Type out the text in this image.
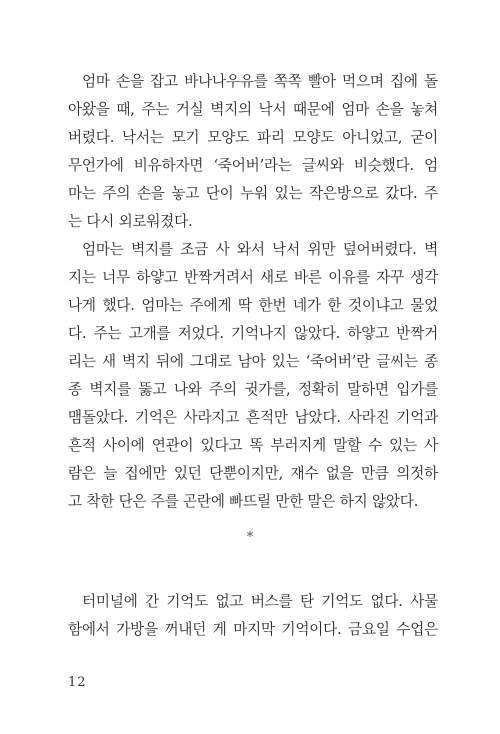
엄마 손을 잡고 바나나우유를 쪽쪽 빨아 먹으며 집에 돌
아왔을 때, 주는 거실 벽지의 낙서 때문에 엄마 손을 놓쳐
버렸다. 낙서는 모기 모양도 파리 모양도 아니었고, 굳이
무언가에 비유하자면 ‘죽어버’라는 글씨와 비슷했다. 엄
마는 주의 손을 놓고 단이 누워 있는 작은방으로 갔다. 주
는 다시 외로워졌다.
엄마는 벽지를 조금 사 와서 낙서 위만 덮어버렸다. 벽
지는 너무 하얗고 반짝거려서 새로 바른 이유를 자꾸 생각
나게 했다. 엄마는 주에게 딱 한번 네가 한 것이냐고 물었
다. 주는 고개를 저었다. 기억나지 않았다. 하얗고 반짝거
리는 새 벽지 뒤에 그대로 남아 있는 ‘죽어버’란 글씨는 종
종 벽지를 뚫고 나와 주의 귓가를, 정확히 말하면 입가를
맴돌았다. 기억은 사라지고 흔적만 남았다. 사라진 기억과
흔적 사이에 연관이 있다고 똑 부러지게 말할 수 있는 사
람은 늘 집에만 있던 단뿐이지만, 재수 없을 만큼 의젓하
고 착한 단은 주를 곤란에 빠뜨릴 만한 말은 하지 않았다.
*
터미널에 간 기억도 없고 버스를 탄 기억도 없다. 사물
함에서 가방을 꺼내던 게 마지막 기억이다. 금요일 수업은
12
